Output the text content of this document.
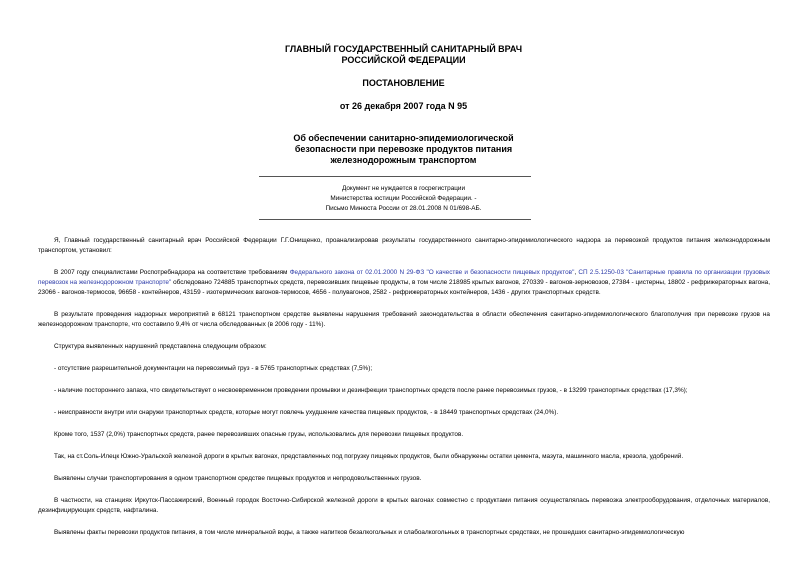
ГЛАВНЫЙ ГОСУДАРСТВЕННЫЙ САНИТАРНЫЙ ВРАЧ
РОССИЙСКОЙ ФЕДЕРАЦИИ
ПОСТАНОВЛЕНИЕ
от 26 декабря 2007 года N 95
Об обеспечении санитарно-эпидемиологической
безопасности при перевозке продуктов питания
железнодорожным транспортом
Документ не нуждается в госрегистрации
Министерства юстиции Российской Федерации. -
Письмо Минюста России от 28.01.2008 N 01/698-АБ.

Я, Главный государственный санитарный врач Российской Федерации Г.Г.Онищенко, проанализировав результаты государственного санитарно-эпидемиологического надзора за перевозкой продуктов питания железнодорожным транспортом, установил:

В 2007 году специалистами Роспотребнадзора на соответствие требованиям Федерального закона от 02.01.2000 N 29-ФЗ "О качестве и безопасности пищевых продуктов", СП 2.5.1250-03 "Санитарные правила по организации грузовых перевозок на железнодорожном транспорте" обследовано 724885 транспортных средств, перевозивших пищевые продукты, в том числе 218985 крытых вагонов, 270339 - вагонов-зерновозов, 27384 - цистерны, 18802 - рефрижераторных вагона, 23066 - вагонов-термосов, 96658 - контейнеров, 43159 - изотермических вагонов-термосов, 4656 - полувагонов, 2582 - рефрижераторных контейнеров, 1436 - других транспортных средств.

В результате проведения надзорных мероприятий в 68121 транспортном средстве выявлены нарушения требований законодательства в области обеспечения санитарно-эпидемиологического благополучия при перевозке грузов на железнодорожном транспорте, что составило 9,4% от числа обследованных (в 2006 году - 11%).

Структура выявленных нарушений представлена следующим образом:

- отсутствие разрешительной документации на перевозимый груз - в 5765 транспортных средствах (7,5%);

- наличие постороннего запаха, что свидетельствует о несвоевременном проведении промывки и дезинфекции транспортных средств после ранее перевозимых грузов, - в 13299 транспортных средствах (17,3%);

- неисправности внутри или снаружи транспортных средств, которые могут повлечь ухудшение качества пищевых продуктов, - в 18449 транспортных средствах (24,0%).

Кроме того, 1537 (2,0%) транспортных средств, ранее перевозивших опасные грузы, использовались для перевозки пищевых продуктов.

Так, на ст.Соль-Илецк Южно-Уральской железной дороги в крытых вагонах, представленных под погрузку пищевых продуктов, были обнаружены остатки цемента, мазута, машинного масла, крезола, удобрений.

Выявлены случаи транспортирования в одном транспортном средстве пищевых продуктов и непродовольственных грузов.

В частности, на станциях Иркутск-Пассажирский, Военный городок Восточно-Сибирской железной дороги в крытых вагонах совместно с продуктами питания осуществлялась перевозка электрооборудования, отделочных материалов, дезинфицирующих средств, нафталина.

Выявлены факты перевозки продуктов питания, в том числе минеральной воды, а также напитков безалкогольных и слабоалкогольных в транспортных средствах, не прошедших санитарно-эпидемиологическую
